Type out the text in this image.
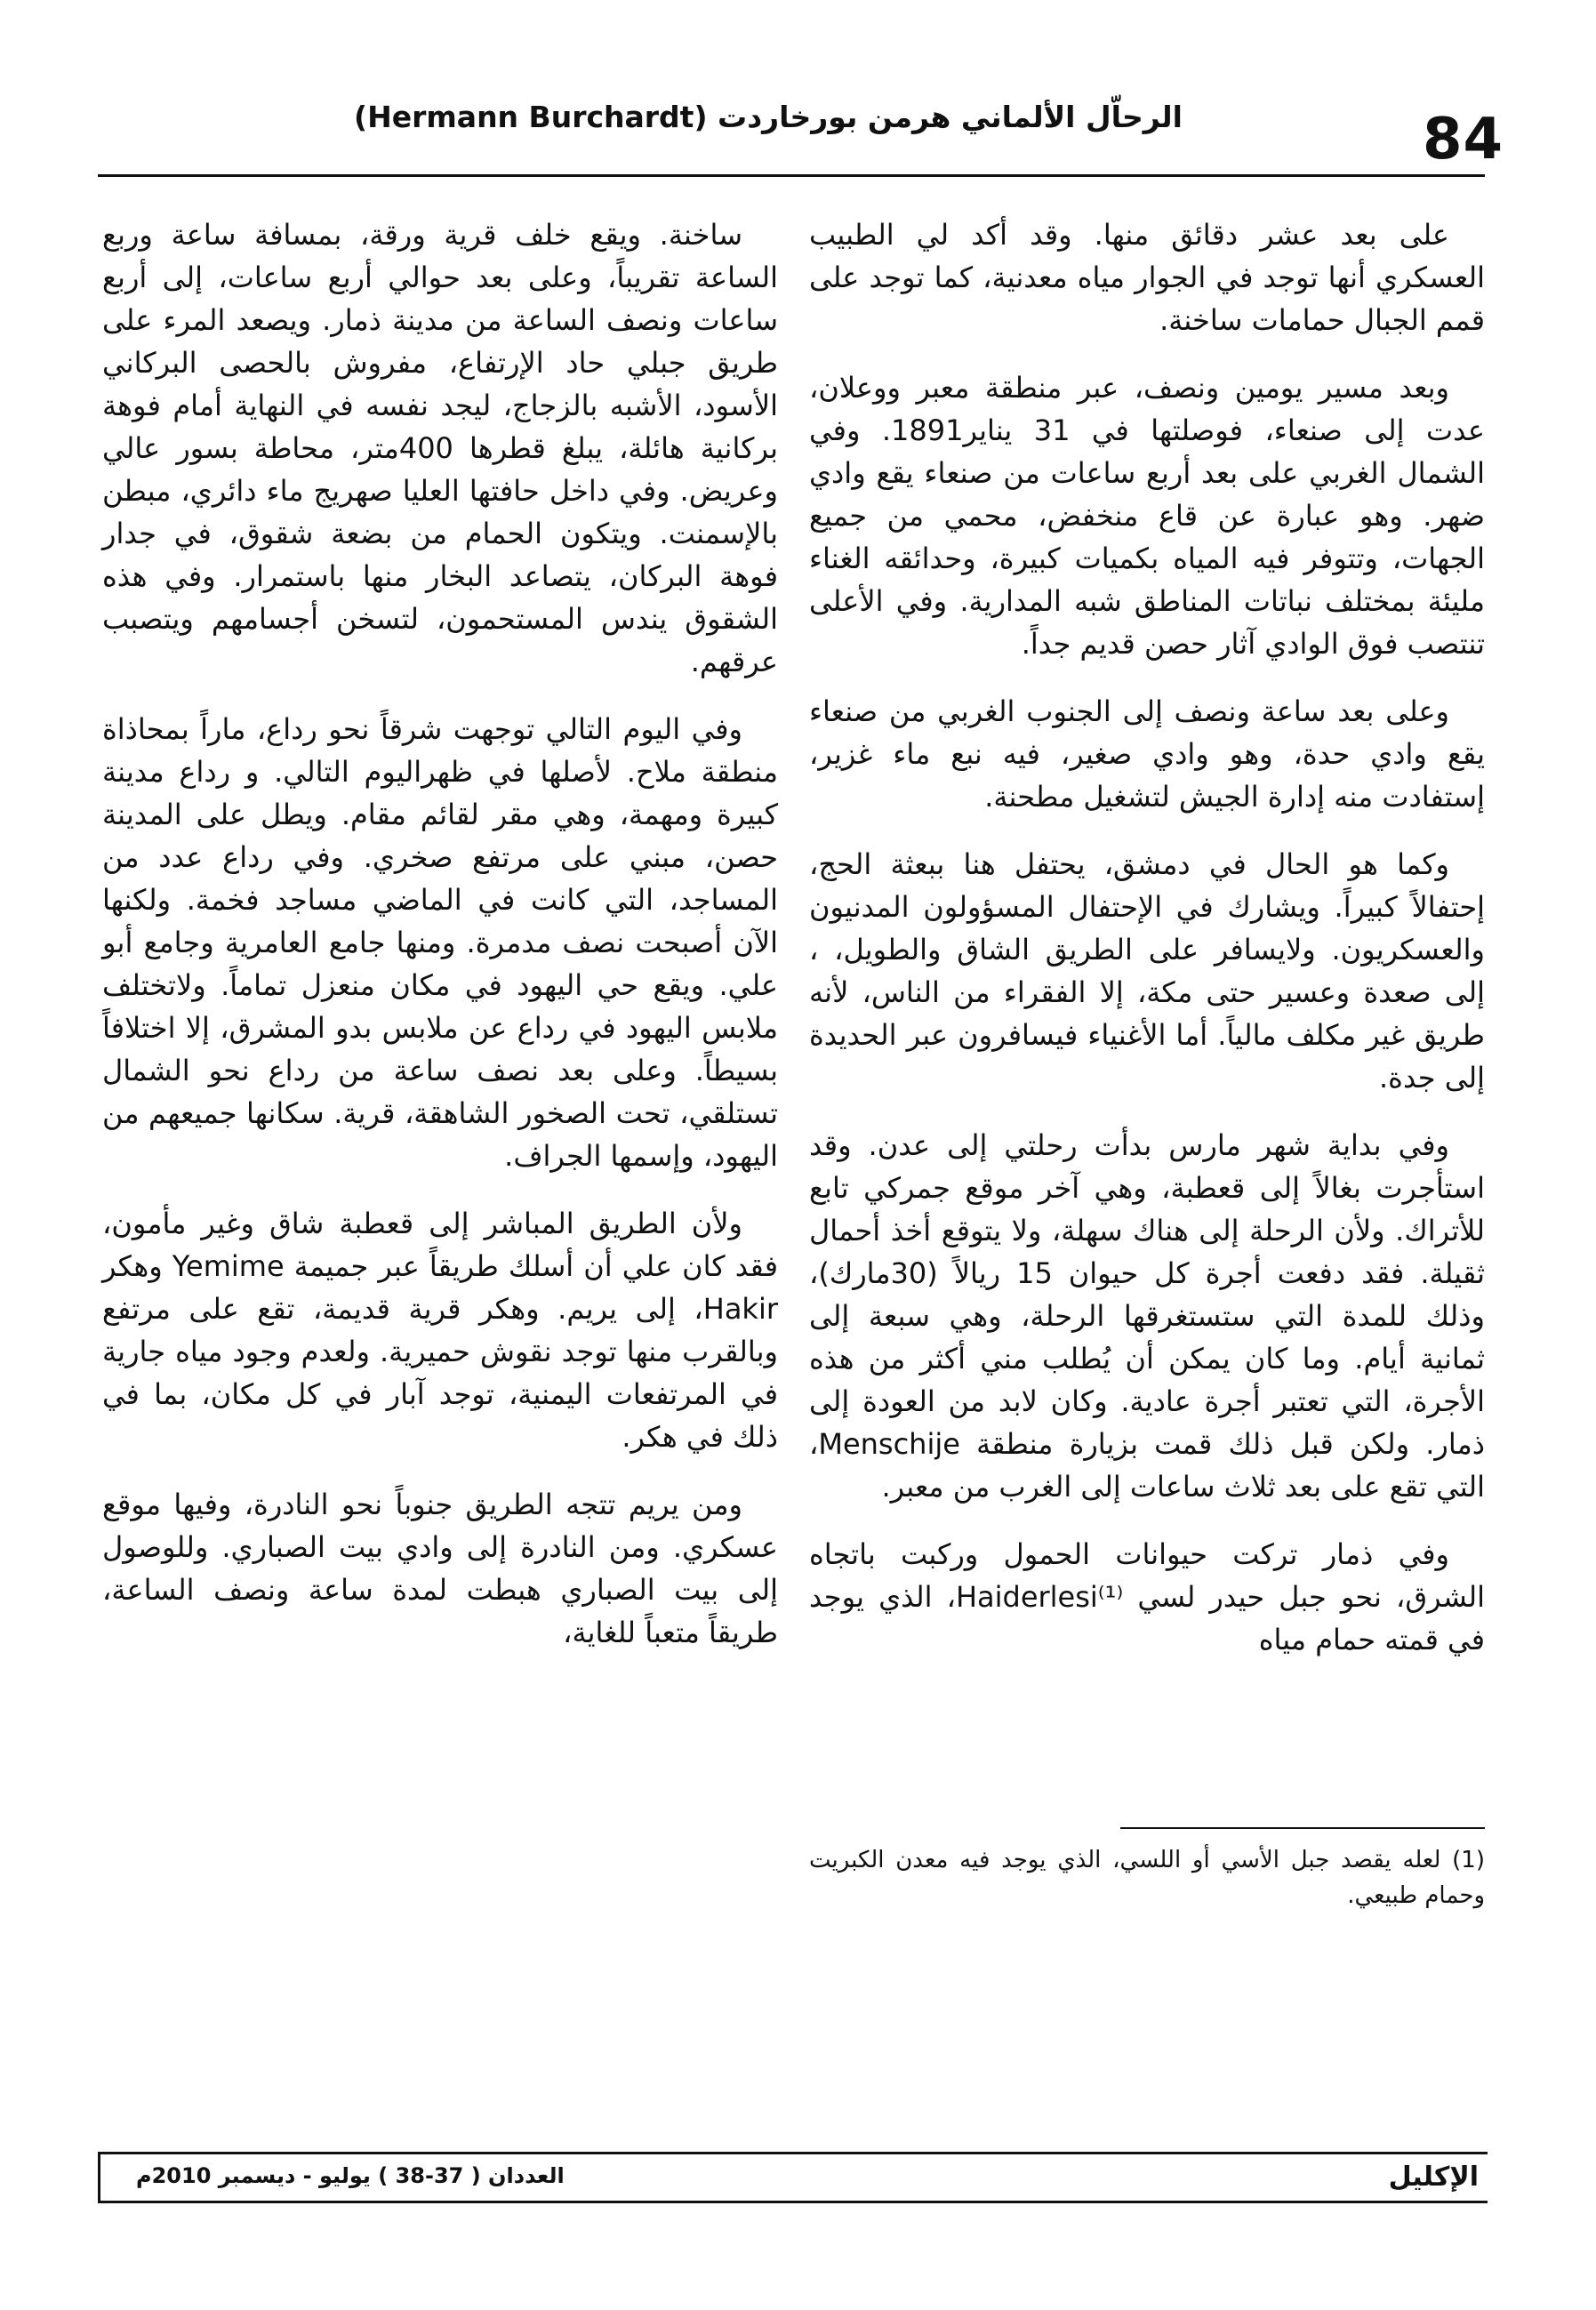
84
الرحاّل الألماني هرمن بورخاردت (Hermann Burchardt)

على بعد عشر دقائق منها. وقد أكد لي الطبيب العسكري أنها توجد في الجوار مياه معدنية، كما توجد على قمم الجبال حمامات ساخنة.

وبعد مسير يومين ونصف، عبر منطقة معبر ووعلان، عدت إلى صنعاء، فوصلتها في 31 يناير1891. وفي الشمال الغربي على بعد أربع ساعات من صنعاء يقع وادي ضهر. وهو عبارة عن قاع منخفض، محمي من جميع الجهات، وتتوفر فيه المياه بكميات كبيرة، وحدائقه الغناء مليئة بمختلف نباتات المناطق شبه المدارية. وفي الأعلى تنتصب فوق الوادي آثار حصن قديم جداً.

وعلى بعد ساعة ونصف إلى الجنوب الغربي من صنعاء يقع وادي حدة، وهو وادي صغير، فيه نبع ماء غزير، إستفادت منه إدارة الجيش لتشغيل مطحنة.

وكما هو الحال في دمشق، يحتفل هنا ببعثة الحج، إحتفالاً كبيراً. ويشارك في الإحتفال المسؤولون المدنيون والعسكريون. ولايسافر على الطريق الشاق والطويل، ، إلى صعدة وعسير حتى مكة، إلا الفقراء من الناس، لأنه طريق غير مكلف مالياً. أما الأغنياء فيسافرون عبر الحديدة إلى جدة.

وفي بداية شهر مارس بدأت رحلتي إلى عدن. وقد استأجرت بغالاً إلى قعطبة، وهي آخر موقع جمركي تابع للأتراك. ولأن الرحلة إلى هناك سهلة، ولا يتوقع أخذ أحمال ثقيلة. فقد دفعت أجرة كل حيوان 15 ريالاً (30مارك)، وذلك للمدة التي ستستغرقها الرحلة، وهي سبعة إلى ثمانية أيام. وما كان يمكن أن يُطلب مني أكثر من هذه الأجرة، التي تعتبر أجرة عادية. وكان لابد من العودة إلى ذمار. ولكن قبل ذلك قمت بزيارة منطقة Menschije، التي تقع على بعد ثلاث ساعات إلى الغرب من معبر.

وفي ذمار تركت حيوانات الحمول وركبت باتجاه الشرق، نحو جبل حيدر لسي Haiderlesi⁽¹⁾، الذي يوجد في قمته حمام مياه

ساخنة. ويقع خلف قرية ورقة، بمسافة ساعة وربع الساعة تقريباً، وعلى بعد حوالي أربع ساعات، إلى أربع ساعات ونصف الساعة من مدينة ذمار. ويصعد المرء على طريق جبلي حاد الإرتفاع، مفروش بالحصى البركاني الأسود، الأشبه بالزجاج، ليجد نفسه في النهاية أمام فوهة بركانية هائلة، يبلغ قطرها 400متر، محاطة بسور عالي وعريض. وفي داخل حافتها العليا صهريج ماء دائري، مبطن بالإسمنت. ويتكون الحمام من بضعة شقوق، في جدار فوهة البركان، يتصاعد البخار منها باستمرار. وفي هذه الشقوق يندس المستحمون، لتسخن أجسامهم ويتصبب عرقهم.

وفي اليوم التالي توجهت شرقاً نحو رداع، ماراً بمحاذاة منطقة ملاح. لأصلها في ظهراليوم التالي. و رداع مدينة كبيرة ومهمة، وهي مقر لقائم مقام. ويطل على المدينة حصن، مبني على مرتفع صخري. وفي رداع عدد من المساجد، التي كانت في الماضي مساجد فخمة. ولكنها الآن أصبحت نصف مدمرة. ومنها جامع العامرية وجامع أبو علي. ويقع حي اليهود في مكان منعزل تماماً. ولاتختلف ملابس اليهود في رداع عن ملابس بدو المشرق، إلا اختلافاً بسيطاً. وعلى بعد نصف ساعة من رداع نحو الشمال تستلقي، تحت الصخور الشاهقة، قرية. سكانها جميعهم من اليهود، وإسمها الجراف.

ولأن الطريق المباشر إلى قعطبة شاق وغير مأمون، فقد كان علي أن أسلك طريقاً عبر جميمة Yemime وهكر Hakir، إلى يريم. وهكر قرية قديمة، تقع على مرتفع وبالقرب منها توجد نقوش حميرية. ولعدم وجود مياه جارية في المرتفعات اليمنية، توجد آبار في كل مكان، بما في ذلك في هكر.

ومن يريم تتجه الطريق جنوباً نحو النادرة، وفيها موقع عسكري. ومن النادرة إلى وادي بيت الصباري. وللوصول إلى بيت الصباري هبطت لمدة ساعة ونصف الساعة، طريقاً متعباً للغاية،

(1) لعله يقصد جبل الأسي أو اللسي، الذي يوجد فيه معدن الكبريت وحمام طبيعي.
الإكليل
العددان ( 37-38 ) يوليو - ديسمبر 2010م
